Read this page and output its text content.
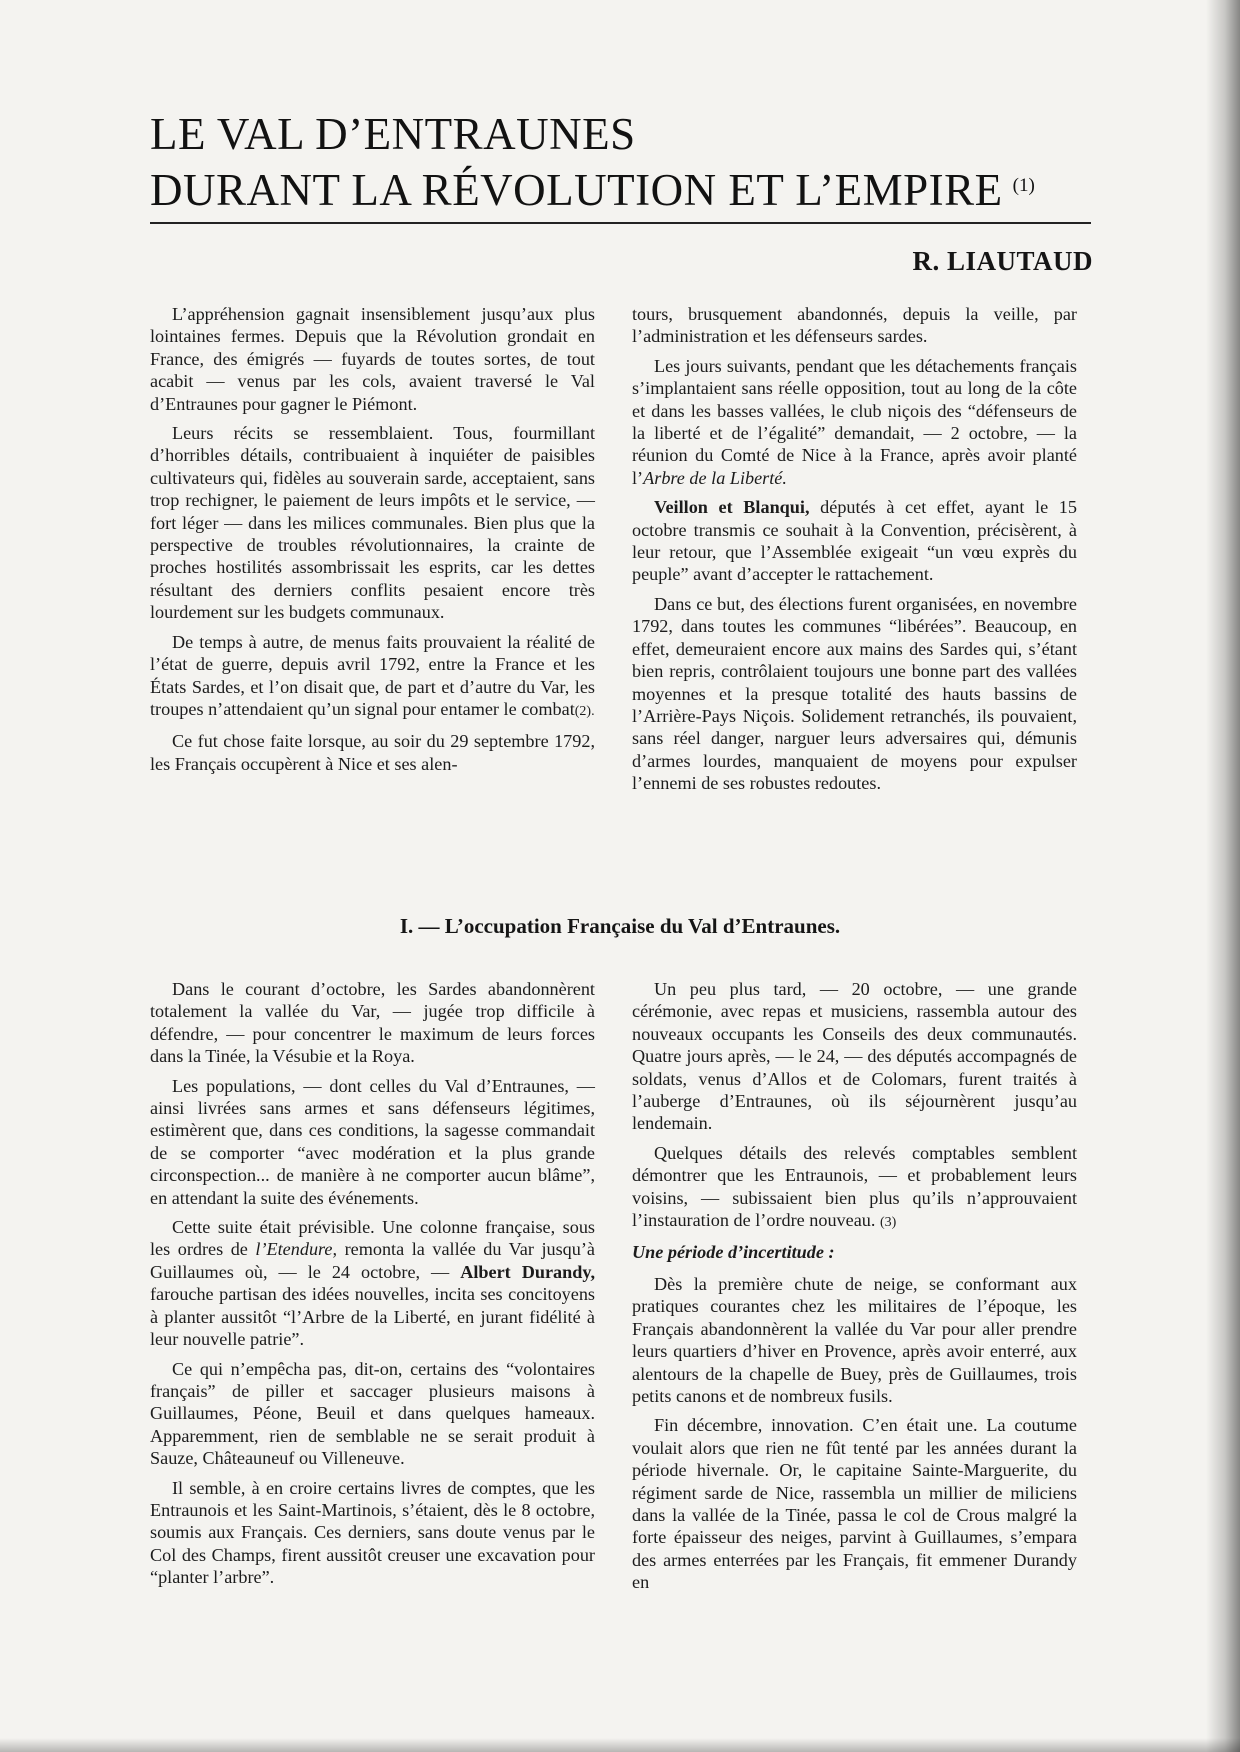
LE VAL D’ENTRAUNES
DURANT LA RÉVOLUTION ET L’EMPIRE $^{(1)}$

R. LIAUTAUD

L’appréhension gagnait insensiblement jusqu’aux plus lointaines fermes. Depuis que la Révolution grondait en France, des émigrés — fuyards de toutes sortes, de tout acabit — venus par les cols, avaient traversé le Val d’Entraunes pour gagner le Piémont.

Leurs récits se ressemblaient. Tous, fourmillant d’horribles détails, contribuaient à inquiéter de paisibles cultivateurs qui, fidèles au souverain sarde, acceptaient, sans trop rechigner, le paiement de leurs impôts et le service, — fort léger — dans les milices communales. Bien plus que la perspective de troubles révolutionnaires, la crainte de proches hostilités assombrissait les esprits, car les dettes résultant des derniers conflits pesaient encore très lourdement sur les budgets communaux.

De temps à autre, de menus faits prouvaient la réalité de l’état de guerre, depuis avril 1792, entre la France et les États Sardes, et l’on disait que, de part et d’autre du Var, les troupes n’attendaient qu’un signal pour entamer le combat(2).

Ce fut chose faite lorsque, au soir du 29 septembre 1792, les Français occupèrent à Nice et ses alen-

tours, brusquement abandonnés, depuis la veille, par l’administration et les défenseurs sardes.

Les jours suivants, pendant que les détachements français s’implantaient sans réelle opposition, tout au long de la côte et dans les basses vallées, le club niçois des “défenseurs de la liberté et de l’égalité” demandait, — 2 octobre, — la réunion du Comté de Nice à la France, après avoir planté l’Arbre de la Liberté.

Veillon et Blanqui, députés à cet effet, ayant le 15 octobre transmis ce souhait à la Convention, précisèrent, à leur retour, que l’Assemblée exigeait “un vœu exprès du peuple” avant d’accepter le rattachement.

Dans ce but, des élections furent organisées, en novembre 1792, dans toutes les communes “libérées”. Beaucoup, en effet, demeuraient encore aux mains des Sardes qui, s’étant bien repris, contrôlaient toujours une bonne part des vallées moyennes et la presque totalité des hauts bassins de l’Arrière-Pays Niçois. Solidement retranchés, ils pouvaient, sans réel danger, narguer leurs adversaires qui, démunis d’armes lourdes, manquaient de moyens pour expulser l’ennemi de ses robustes redoutes.

I. — L’occupation Française du Val d’Entraunes.

Dans le courant d’octobre, les Sardes abandonnèrent totalement la vallée du Var, — jugée trop difficile à défendre, — pour concentrer le maximum de leurs forces dans la Tinée, la Vésubie et la Roya.

Les populations, — dont celles du Val d’Entraunes, — ainsi livrées sans armes et sans défenseurs légitimes, estimèrent que, dans ces conditions, la sagesse commandait de se comporter “avec modération et la plus grande circonspection... de manière à ne comporter aucun blâme”, en attendant la suite des événements.

Cette suite était prévisible. Une colonne française, sous les ordres de l’Etendure, remonta la vallée du Var jusqu’à Guillaumes où, — le 24 octobre, — Albert Durandy, farouche partisan des idées nouvelles, incita ses concitoyens à planter aussitôt “l’Arbre de la Liberté, en jurant fidélité à leur nouvelle patrie”.

Ce qui n’empêcha pas, dit-on, certains des “volontaires français” de piller et saccager plusieurs maisons à Guillaumes, Péone, Beuil et dans quelques hameaux. Apparemment, rien de semblable ne se serait produit à Sauze, Châteauneuf ou Villeneuve.

Il semble, à en croire certains livres de comptes, que les Entraunois et les Saint-Martinois, s’étaient, dès le 8 octobre, soumis aux Français. Ces derniers, sans doute venus par le Col des Champs, firent aussitôt creuser une excavation pour “planter l’arbre”.

Un peu plus tard, — 20 octobre, — une grande cérémonie, avec repas et musiciens, rassembla autour des nouveaux occupants les Conseils des deux communautés. Quatre jours après, — le 24, — des députés accompagnés de soldats, venus d’Allos et de Colomars, furent traités à l’auberge d’Entraunes, où ils séjournèrent jusqu’au lendemain.

Quelques détails des relevés comptables semblent démontrer que les Entraunois, — et probablement leurs voisins, — subissaient bien plus qu’ils n’approuvaient l’instauration de l’ordre nouveau. (3)

Une période d’incertitude :

Dès la première chute de neige, se conformant aux pratiques courantes chez les militaires de l’époque, les Français abandonnèrent la vallée du Var pour aller prendre leurs quartiers d’hiver en Provence, après avoir enterré, aux alentours de la chapelle de Buey, près de Guillaumes, trois petits canons et de nombreux fusils.

Fin décembre, innovation. C’en était une. La coutume voulait alors que rien ne fût tenté par les années durant la période hivernale. Or, le capitaine Sainte-Marguerite, du régiment sarde de Nice, rassembla un millier de miliciens dans la vallée de la Tinée, passa le col de Crous malgré la forte épaisseur des neiges, parvint à Guillaumes, s’empara des armes enterrées par les Français, fit emmener Durandy en
